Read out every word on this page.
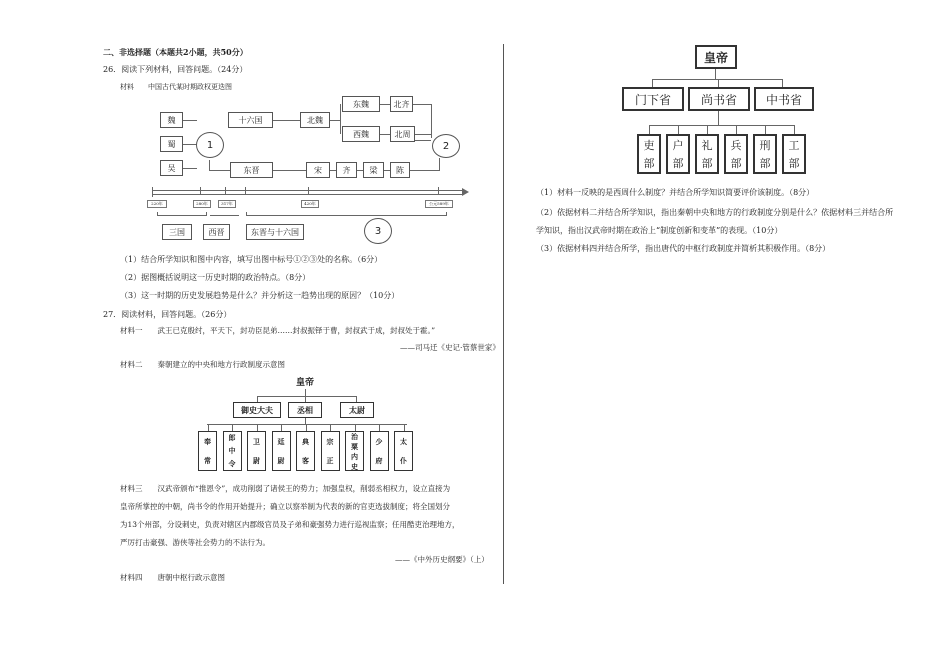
二、非选择题（本题共2小题，共50分）
26．阅读下列材料，回答问题。（24分）
材料　　中国古代某时期政权更迭图
魏
蜀
吴
1
十六国	北魏
东魏	北齐
西魏	北周
2
东晋	宋	齐	梁	陈
220年	280年	317年	420年	公元589年
三国	西晋	东晋与十六国	3
（1）结合所学知识和图中内容，填写出图中标号①②③处的名称。（6分）
（2）据图概括说明这一历史时期的政治特点。（8分）
（3）这一时期的历史发展趋势是什么？并分析这一趋势出现的原因？（10分）
27．阅读材料，回答问题。（26分）
材料一　　武王已克殷纣，平天下，封功臣昆弟……封叔振铎于曹，封叔武于成，封叔处于霍。”
——司马迁《史记·管蔡世家》
材料二　　秦朝建立的中央和地方行政制度示意图
皇帝
御史大夫	丞相	太尉
奉
常
郎
中
令
卫
尉
廷
尉
典
客
宗
正
治
粟
内
史
少
府
太
仆
材料三　　汉武帝颁布“推恩令”，成功削弱了诸侯王的势力；加强皇权，削弱丞相权力，设立直接为
皇帝所掌控的中朝，尚书令的作用开始提升；确立以察举制为代表的新的官吏选拔制度；将全国划分
为13个州部，分设刺史，负责对辖区内郡级官员及子弟和豪强势力进行巡视监察；任用酷吏治理地方，
严厉打击豪强、游侠等社会势力的不法行为。
——《中外历史纲要》（上）
材料四　　唐朝中枢行政示意图
皇帝
门下省	尚书省	中书省
吏
部
户
部
礼
部
兵
部
刑
部
工
部
（1）材料一反映的是西周什么制度？并结合所学知识简要评价该制度。（8分）
（2）依据材料二并结合所学知识，指出秦朝中央和地方的行政制度分别是什么？依据材料三并结合所
学知识，指出汉武帝时期在政治上“制度创新和变革”的表现。（10分）
（3）依据材料四并结合所学，指出唐代的中枢行政制度并简析其积极作用。（8分）
